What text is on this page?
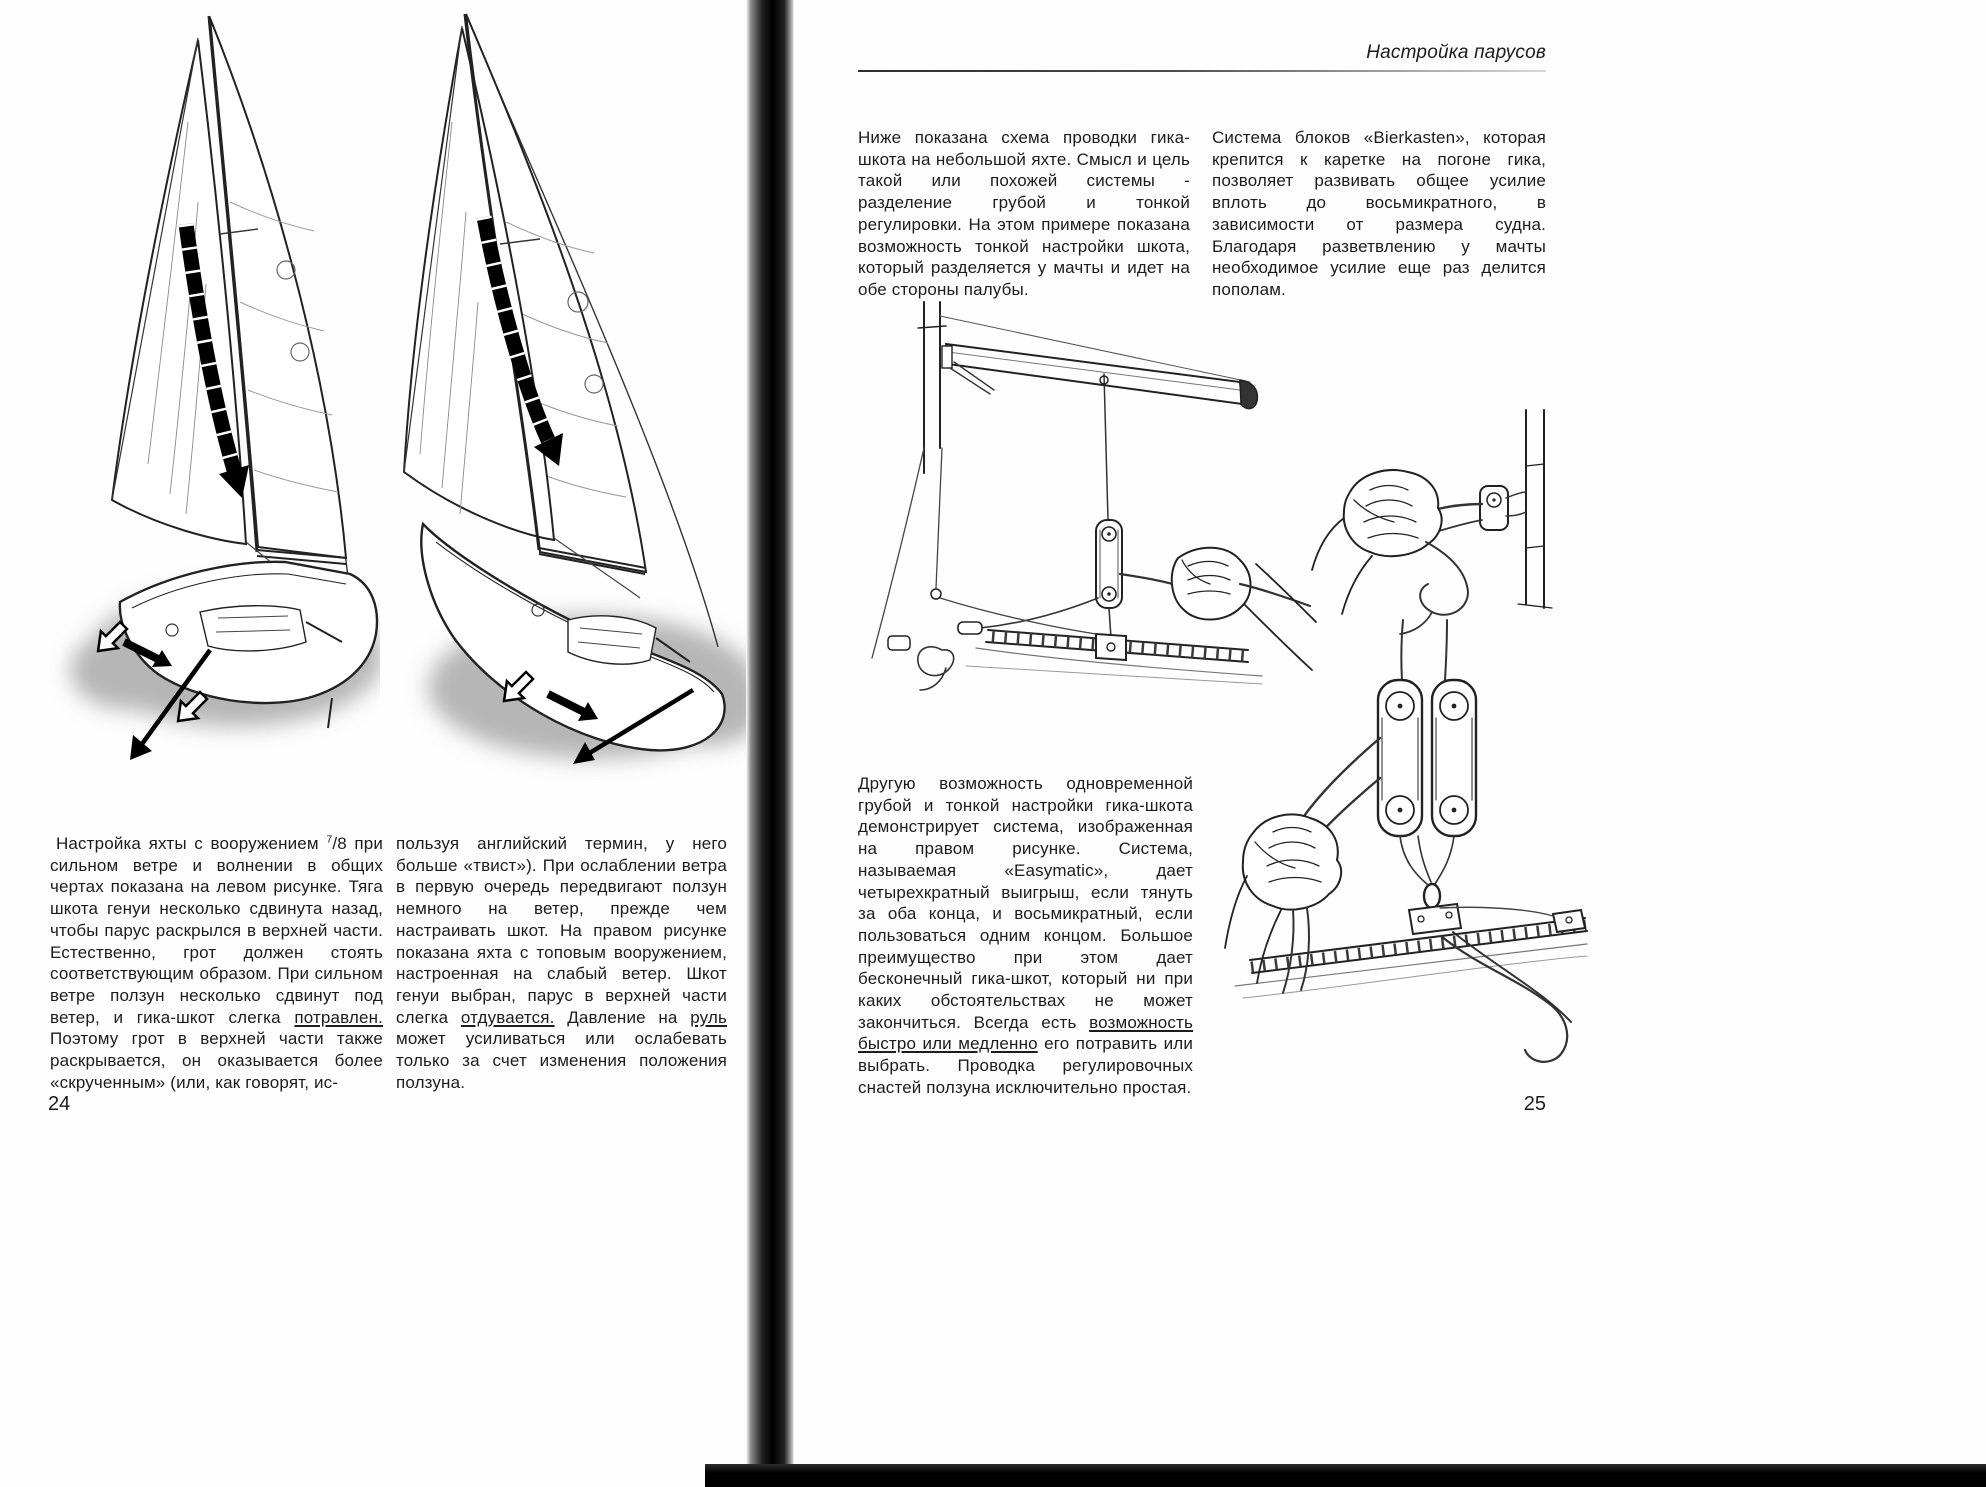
Настройка яхты с вооружением $^7$/8 при сильном ветре и волнении в общих чертах показана на левом рисунке. Тяга шкота генуи несколько сдвинута назад, чтобы парус раскрылся в верхней части. Естественно, грот должен стоять соответствующим образом. При сильном ветре ползун несколько сдвинут под ветер, и гика-шкот слегка потравлен. Поэтому грот в верхней части также раскрывается, он оказывается более «скрученным» (или, как говорят, ис-
пользуя английский термин, у него больше «твист»). При ослаблении ветра в первую очередь передвигают ползун немного на ветер, прежде чем настраивать шкот. На правом рисунке показана яхта с топовым вооружением, настроенная на слабый ветер. Шкот генуи выбран, парус в верхней части слегка отдувается. Давление на руль может усиливаться или ослабевать только за счет изменения положения ползуна.
24
Настройка парусов
Ниже показана схема проводки гика-шкота на небольшой яхте. Смысл и цель такой или похожей системы - разделение грубой и тонкой регулировки. На этом примере показана возможность тонкой настройки шкота, который разделяется у мачты и идет на обе стороны палубы.
Система блоков «Bierkasten», которая крепится к каретке на погоне гика, позволяет развивать общее усилие вплоть до восьмикратного, в зависимости от размера судна. Благодаря разветвлению у мачты необходимое усилие еще раз делится пополам.
Другую возможность одновременной грубой и тонкой настройки гика-шкота демонстрирует система, изображенная на правом рисунке. Система, называемая «Easymatic», дает четырехкратный выигрыш, если тянуть за оба конца, и восьмикратный, если пользоваться одним концом. Большое преимущество при этом дает бесконечный гика-шкот, который ни при каких обстоятельствах не может закончиться. Всегда есть возможность быстро или медленно его потравить или выбрать. Проводка регулировочных снастей ползуна исключительно простая.
25
